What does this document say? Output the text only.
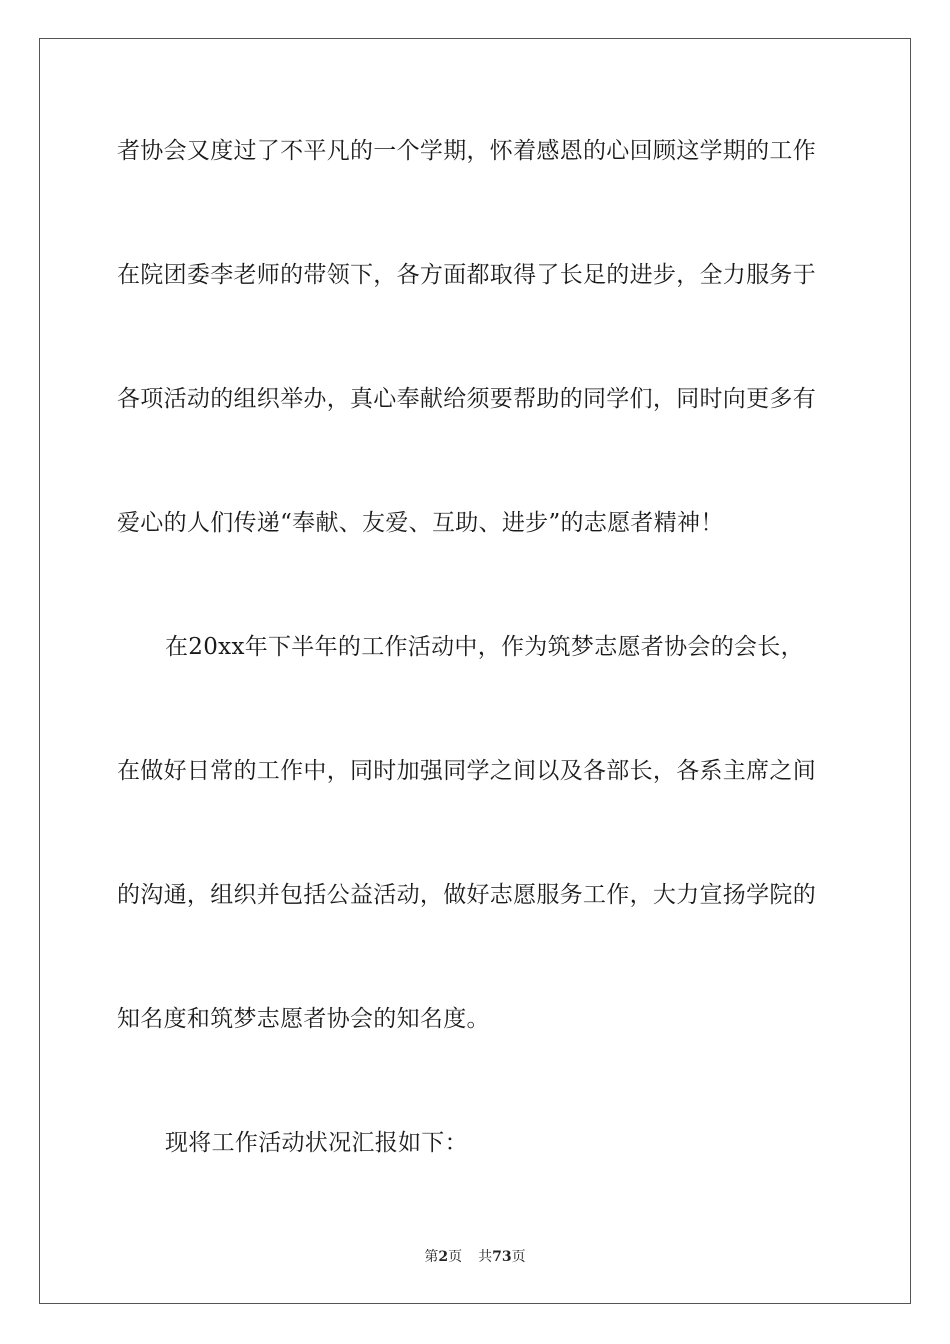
者协会又度过了不平凡的一个学期，怀着感恩的心回顾这学期的工作
在院团委李老师的带领下，各方面都取得了长足的进步，全力服务于
各项活动的组织举办，真心奉献给须要帮助的同学们，同时向更多有
爱心的人们传递“奉献、友爱、互助、进步”的志愿者精神！
在20xx年下半年的工作活动中，作为筑梦志愿者协会的会长，
在做好日常的工作中，同时加强同学之间以及各部长，各系主席之间
的沟通，组织并包括公益活动，做好志愿服务工作，大力宣扬学院的
知名度和筑梦志愿者协会的知名度。
现将工作活动状况汇报如下：
第2页 共73页
